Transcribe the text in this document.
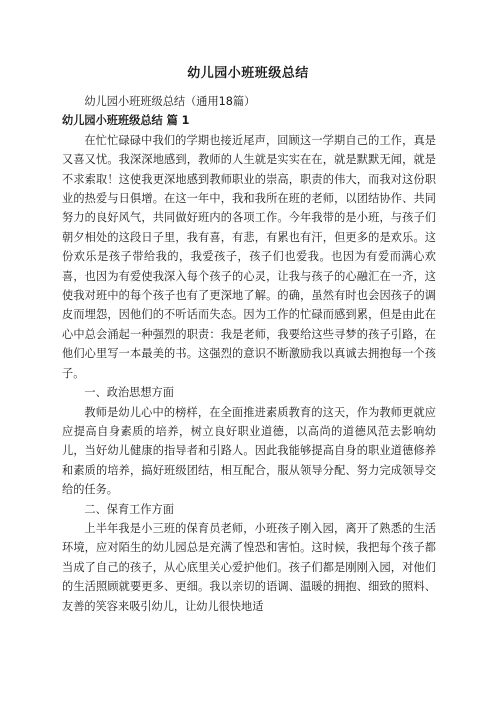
幼儿园小班班级总结

幼儿园小班班级总结（通用18篇）

幼儿园小班班级总结 篇 1

在忙忙碌碌中我们的学期也接近尾声，回顾这一学期自己的工作，真是又喜又忧。我深深地感到，教师的人生就是实实在在，就是默默无闻，就是不求索取！这使我更深地感到教师职业的崇高，职责的伟大，而我对这份职业的热爱与日俱增。在这一年中，我和我所在班的老师，以团结协作、共同努力的良好风气，共同做好班内的各项工作。今年我带的是小班，与孩子们朝夕相处的这段日子里，我有喜，有悲，有累也有汗，但更多的是欢乐。这份欢乐是孩子带给我的，我爱孩子，孩子们也爱我。也因为有爱而满心欢喜，也因为有爱使我深入每个孩子的心灵，让我与孩子的心融汇在一齐，这使我对班中的每个孩子也有了更深地了解。的确，虽然有时也会因孩子的调皮而埋怨，因他们的不听话而失态。因为工作的忙碌而感到累，但是由此在心中总会涌起一种强烈的职责：我是老师，我要给这些寻梦的孩子引路，在他们心里写一本最美的书。这强烈的意识不断激励我以真诚去拥抱每一个孩子。

一、政治思想方面

教师是幼儿心中的榜样，在全面推进素质教育的这天，作为教师更就应应提高自身素质的培养，树立良好职业道德，以高尚的道德风范去影响幼儿，当好幼儿健康的指导者和引路人。因此我能够提高自身的职业道德修养和素质的培养，搞好班级团结，相互配合，服从领导分配、努力完成领导交给的任务。

二、保育工作方面

上半年我是小三班的保育员老师，小班孩子刚入园，离开了熟悉的生活环境，应对陌生的幼儿园总是充满了惶恐和害怕。这时候，我把每个孩子都当成了自己的孩子，从心底里关心爱护他们。孩子们都是刚刚入园，对他们的生活照顾就要更多、更细。我以亲切的语调、温暖的拥抱、细致的照料、友善的笑容来吸引幼儿，让幼儿很快地适
